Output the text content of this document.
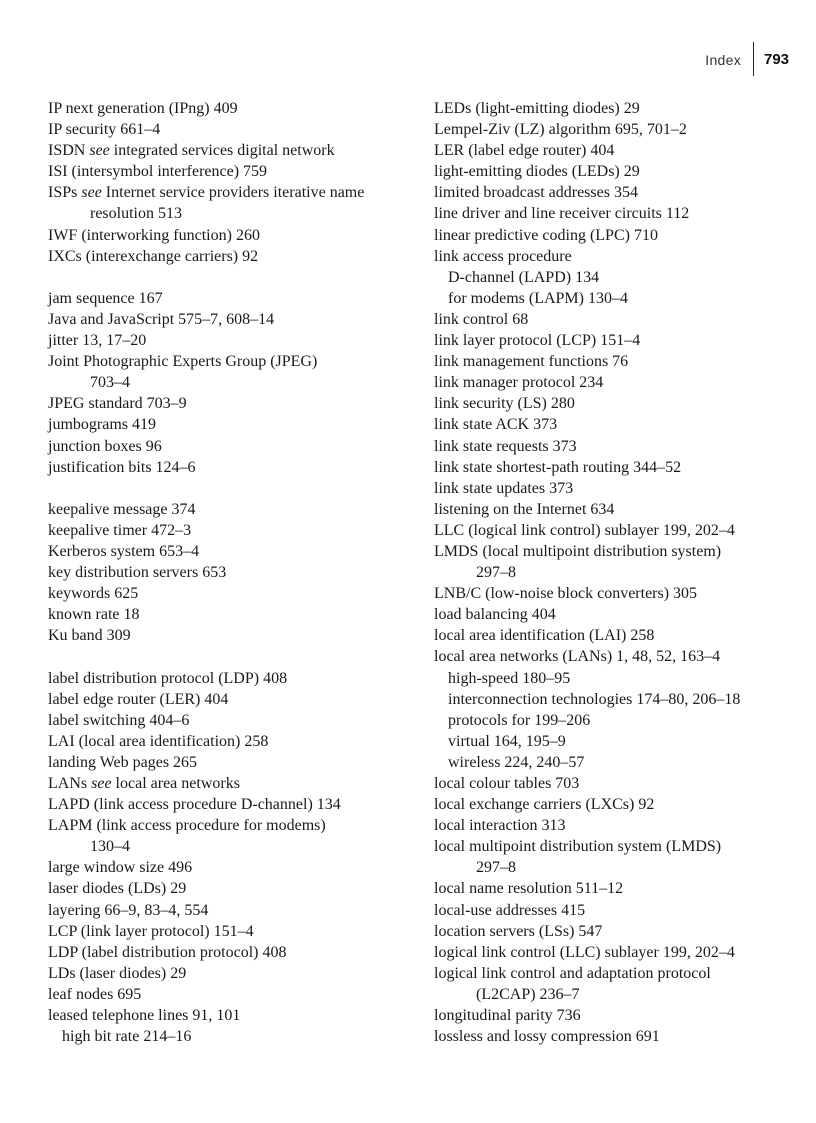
Index 793
IP next generation (IPng) 409
IP security 661–4
ISDN see integrated services digital network
ISI (intersymbol interference) 759
ISPs see Internet service providers iterative name
resolution 513
IWF (interworking function) 260
IXCs (interexchange carriers) 92
jam sequence 167
Java and JavaScript 575–7, 608–14
jitter 13, 17–20
Joint Photographic Experts Group (JPEG)
703–4
JPEG standard 703–9
jumbograms 419
junction boxes 96
justification bits 124–6
keepalive message 374
keepalive timer 472–3
Kerberos system 653–4
key distribution servers 653
keywords 625
known rate 18
Ku band 309
label distribution protocol (LDP) 408
label edge router (LER) 404
label switching 404–6
LAI (local area identification) 258
landing Web pages 265
LANs see local area networks
LAPD (link access procedure D-channel) 134
LAPM (link access procedure for modems)
130–4
large window size 496
laser diodes (LDs) 29
layering 66–9, 83–4, 554
LCP (link layer protocol) 151–4
LDP (label distribution protocol) 408
LDs (laser diodes) 29
leaf nodes 695
leased telephone lines 91, 101
high bit rate 214–16
LEDs (light-emitting diodes) 29
Lempel-Ziv (LZ) algorithm 695, 701–2
LER (label edge router) 404
light-emitting diodes (LEDs) 29
limited broadcast addresses 354
line driver and line receiver circuits 112
linear predictive coding (LPC) 710
link access procedure
D-channel (LAPD) 134
for modems (LAPM) 130–4
link control 68
link layer protocol (LCP) 151–4
link management functions 76
link manager protocol 234
link security (LS) 280
link state ACK 373
link state requests 373
link state shortest-path routing 344–52
link state updates 373
listening on the Internet 634
LLC (logical link control) sublayer 199, 202–4
LMDS (local multipoint distribution system)
297–8
LNB/C (low-noise block converters) 305
load balancing 404
local area identification (LAI) 258
local area networks (LANs) 1, 48, 52, 163–4
high-speed 180–95
interconnection technologies 174–80, 206–18
protocols for 199–206
virtual 164, 195–9
wireless 224, 240–57
local colour tables 703
local exchange carriers (LXCs) 92
local interaction 313
local multipoint distribution system (LMDS)
297–8
local name resolution 511–12
local-use addresses 415
location servers (LSs) 547
logical link control (LLC) sublayer 199, 202–4
logical link control and adaptation protocol
(L2CAP) 236–7
longitudinal parity 736
lossless and lossy compression 691
